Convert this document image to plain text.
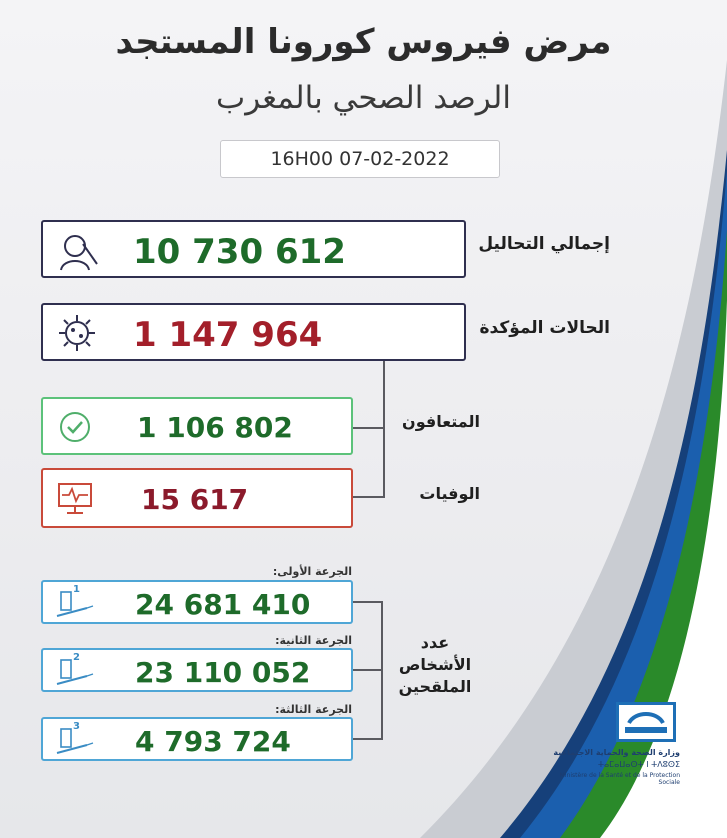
مرض فيروس كورونا المستجد
الرصد الصحي بالمغرب
16H00 07-02-2022
10 730 612	إجمالي التحاليل
1 147 964	الحالات المؤكدة
1 106 802	المتعافون
15 617	الوفيات
الجرعة الأولى:
1 24 681 410
الجرعة الثانية:
2 23 110 052
الجرعة الثالثة:
3 4 793 724
عدد
الأشخاص
الملقحين
وزارة الصحة والحماية الاجتماعية
ⵜⴰⵎⴰⵡⴰⵙⵜ ⵏ ⵜⴷⵓⵙⵉ
Ministère de la Santé et de la Protection Sociale
